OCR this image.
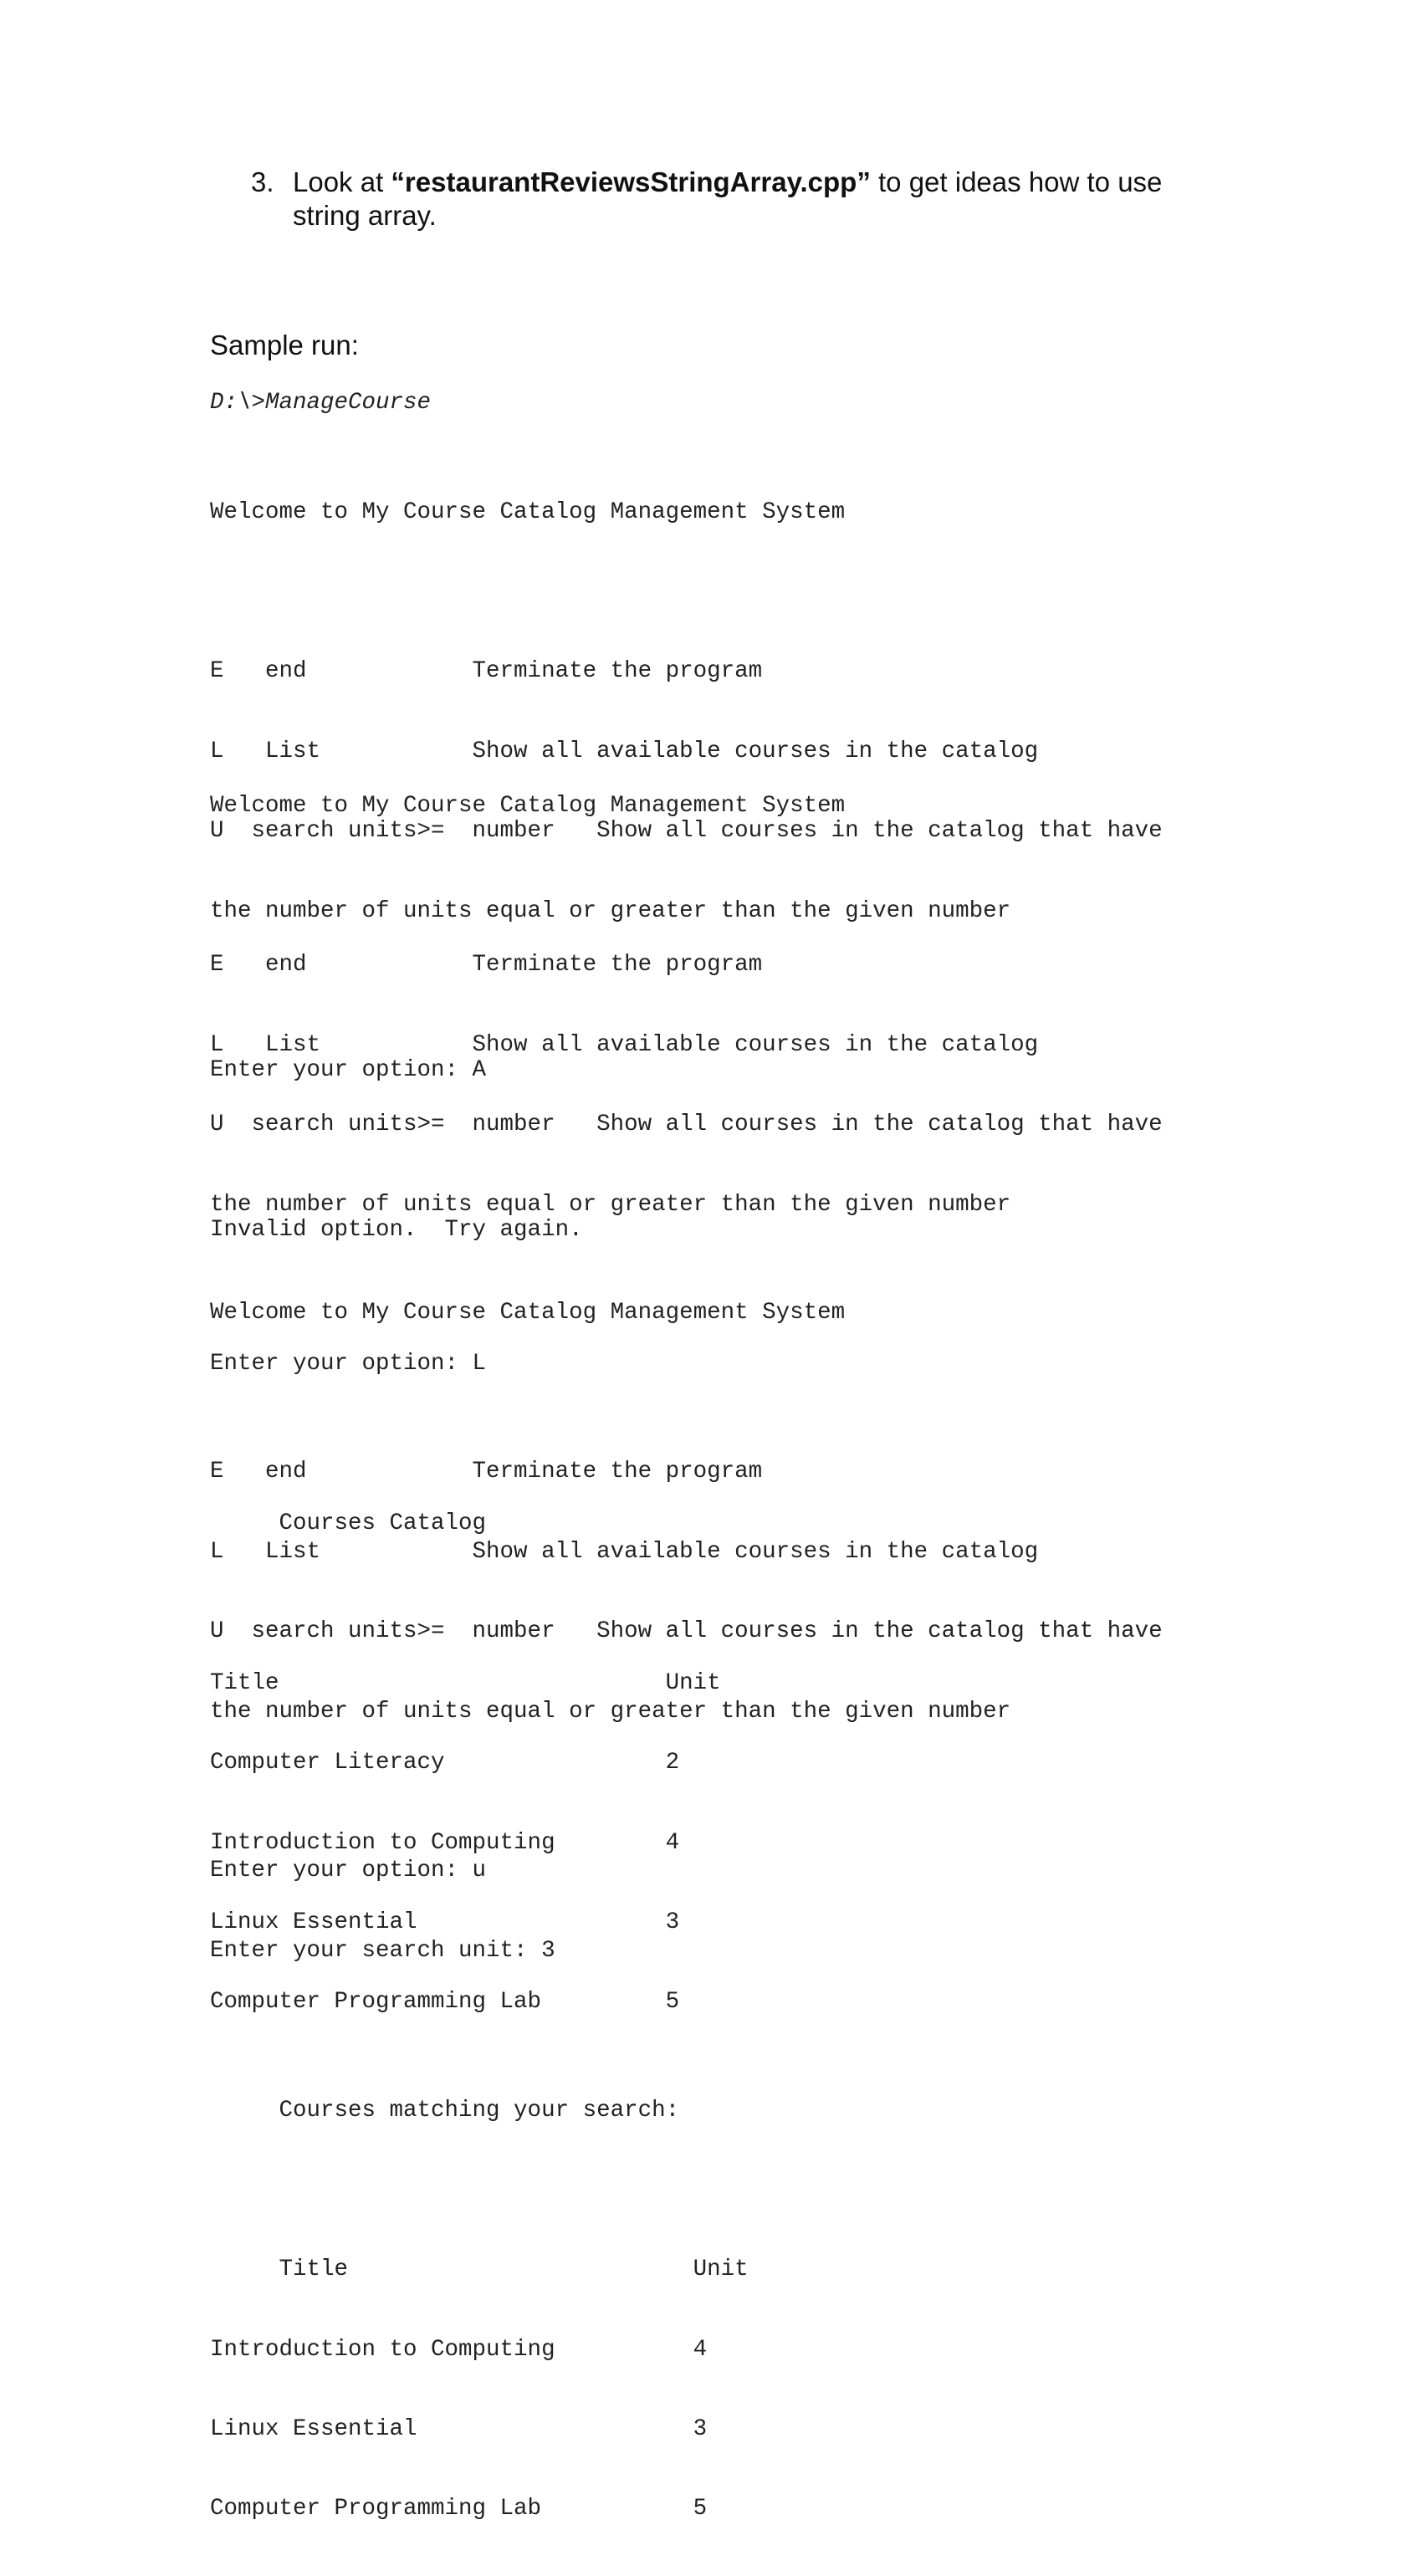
3. Look at “restaurantReviewsStringArray.cpp” to get ideas how to use
string array.
Sample run:
D:\>ManageCourse

Welcome to My Course Catalog Management System

E   end            Terminate the program

L   List           Show all available courses in the catalog

U  search units>=  number   Show all courses in the catalog that have

the number of units equal or greater than the given number

Enter your option: A

Invalid option.  Try again.

Welcome to My Course Catalog Management System

E   end            Terminate the program

L   List           Show all available courses in the catalog

U  search units>=  number   Show all courses in the catalog that have

the number of units equal or greater than the given number

Enter your option: L

Courses Catalog

Title                            Unit

Computer Literacy                2

Introduction to Computing        4

Linux Essential                  3

Computer Programming Lab         5

Welcome to My Course Catalog Management System

E   end            Terminate the program

L   List           Show all available courses in the catalog

U  search units>=  number   Show all courses in the catalog that have

the number of units equal or greater than the given number

Enter your option: u

Enter your search unit: 3

Courses matching your search:

Title                         Unit

Introduction to Computing          4

Linux Essential                    3

Computer Programming Lab           5
